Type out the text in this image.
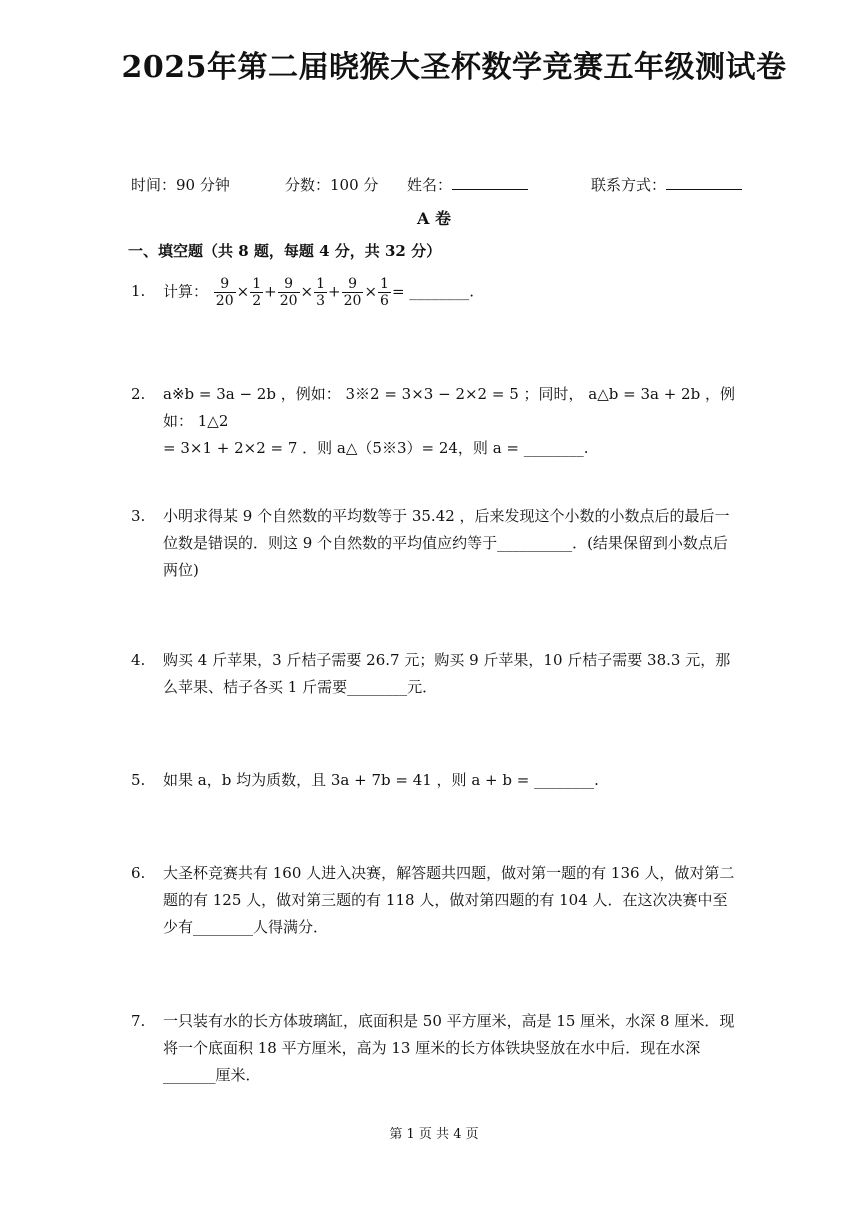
2025年第二届晓猴大圣杯数学竞赛五年级测试卷
时间：90 分钟	分数：100 分 姓名：	联系方式：
A 卷
一、填空题（共 8 题，每题 4 分，共 32 分）
1.	计算： $\frac{9}{20} \times \frac{1}{2} + \frac{9}{20} \times \frac{1}{3} + \frac{9}{20} \times \frac{1}{6}$ = ________.
2.	a※b = 3a − 2b ，例如： 3※2 = 3×3 − 2×2 = 5 ；同时， a△b = 3a + 2b ，例如： 1△2
= 3×1 + 2×2 = 7 ．则 a△（5※3）= 24，则 a = ________.
3.	小明求得某 9 个自然数的平均数等于 35.42 ，后来发现这个小数的小数点后的最后一位数是错误的．则这 9 个自然数的平均值应约等于__________．(结果保留到小数点后两位)
4.	购买 4 斤苹果，3 斤桔子需要 26.7 元；购买 9 斤苹果，10 斤桔子需要 38.3 元，那么苹果、桔子各买 1 斤需要________元．
5.	如果 a，b 均为质数，且 3a + 7b = 41 ，则 a + b = ________.
6.	大圣杯竞赛共有 160 人进入决赛，解答题共四题，做对第一题的有 136 人，做对第二题的有 125 人，做对第三题的有 118 人，做对第四题的有 104 人．在这次决赛中至少有________人得满分．
7.	一只装有水的长方体玻璃缸，底面积是 50 平方厘米，高是 15 厘米，水深 8 厘米．现将一个底面积 18 平方厘米，高为 13 厘米的长方体铁块竖放在水中后．现在水深_______厘米．
第 1 页 共 4 页
